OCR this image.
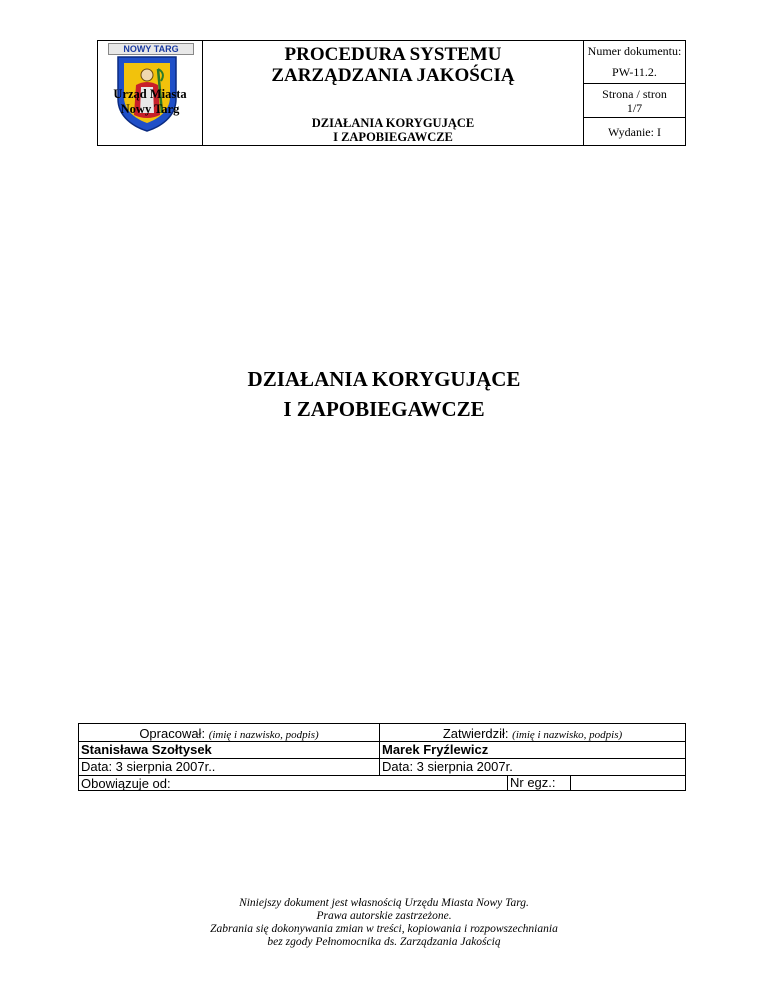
NOWY TARG
Urząd Miasta
Nowy Targ
PROCEDURA SYSTEMU
ZARZĄDZANIA JAKOŚCIĄ
DZIAŁANIA KORYGUJĄCE
I ZAPOBIEGAWCZE
Numer dokumentu:
PW-11.2.
Strona / stron
1/7
Wydanie: I
DZIAŁANIA KORYGUJĄCE
I ZAPOBIEGAWCZE
Opracował: (imię i nazwisko, podpis)
Stanisława Szołtysek
Data: 3 sierpnia 2007r..
Zatwierdził: (imię i nazwisko, podpis)
Marek Fryźlewicz
Data: 3 sierpnia 2007r.
Obowiązuje od:	Nr egz.:
Niniejszy dokument jest własnością Urzędu Miasta Nowy Targ.
Prawa autorskie zastrzeżone.
Zabrania się dokonywania zmian w treści, kopiowania i rozpowszechniania
bez zgody Pełnomocnika ds. Zarządzania Jakością
